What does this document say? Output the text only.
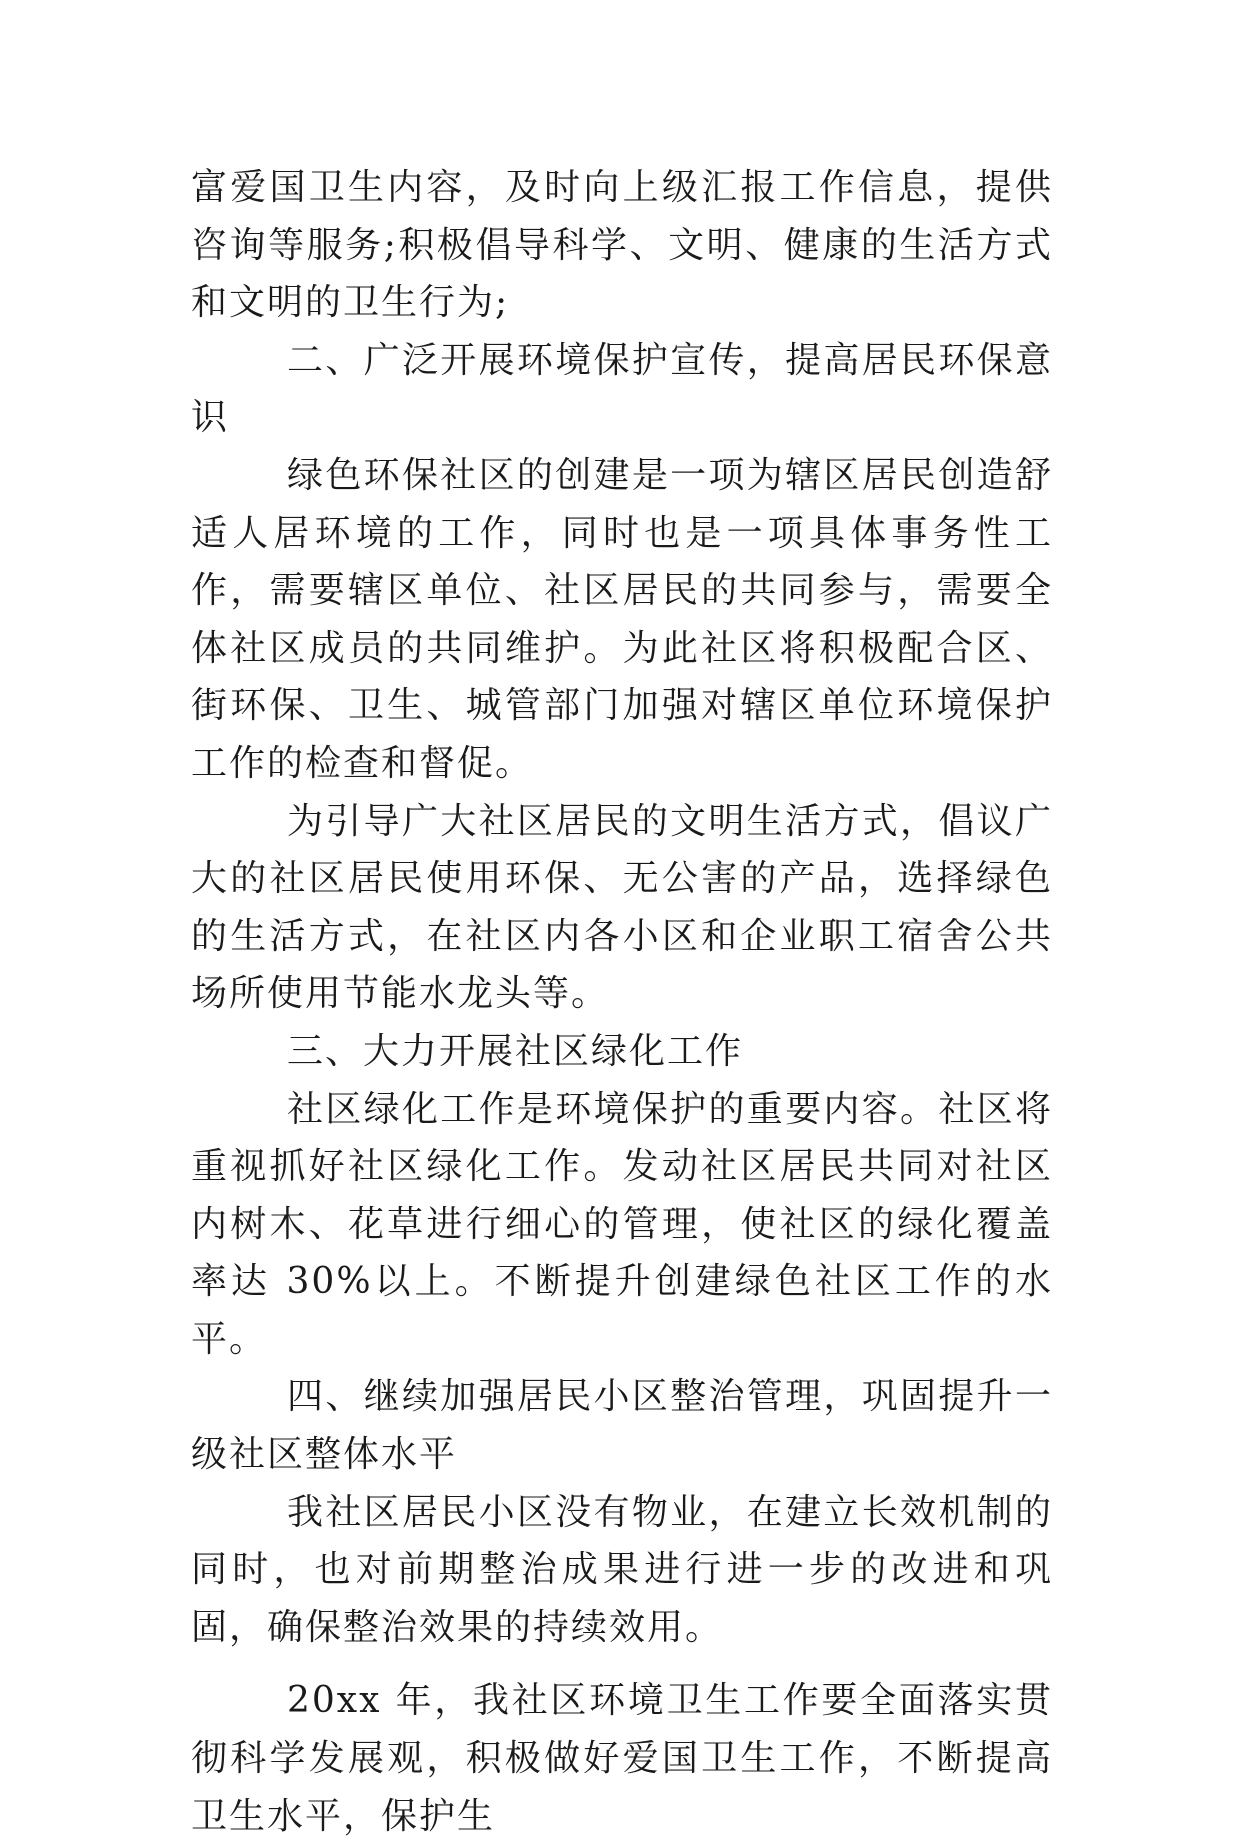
富爱国卫生内容，及时向上级汇报工作信息，提供咨询等服务;积极倡导科学、文明、健康的生活方式和文明的卫生行为;

二、广泛开展环境保护宣传，提高居民环保意识

绿色环保社区的创建是一项为辖区居民创造舒适人居环境的工作，同时也是一项具体事务性工作，需要辖区单位、社区居民的共同参与，需要全体社区成员的共同维护。为此社区将积极配合区、街环保、卫生、城管部门加强对辖区单位环境保护工作的检查和督促。

为引导广大社区居民的文明生活方式，倡议广大的社区居民使用环保、无公害的产品，选择绿色的生活方式，在社区内各小区和企业职工宿舍公共场所使用节能水龙头等。

三、大力开展社区绿化工作

社区绿化工作是环境保护的重要内容。社区将重视抓好社区绿化工作。发动社区居民共同对社区内树木、花草进行细心的管理，使社区的绿化覆盖率达 30%以上。不断提升创建绿色社区工作的水平。

四、继续加强居民小区整治管理，巩固提升一级社区整体水平

我社区居民小区没有物业，在建立长效机制的同时，也对前期整治成果进行进一步的改进和巩固，确保整治效果的持续效用。

20xx 年，我社区环境卫生工作要全面落实贯彻科学发展观，积极做好爱国卫生工作，不断提高卫生水平，保护生
